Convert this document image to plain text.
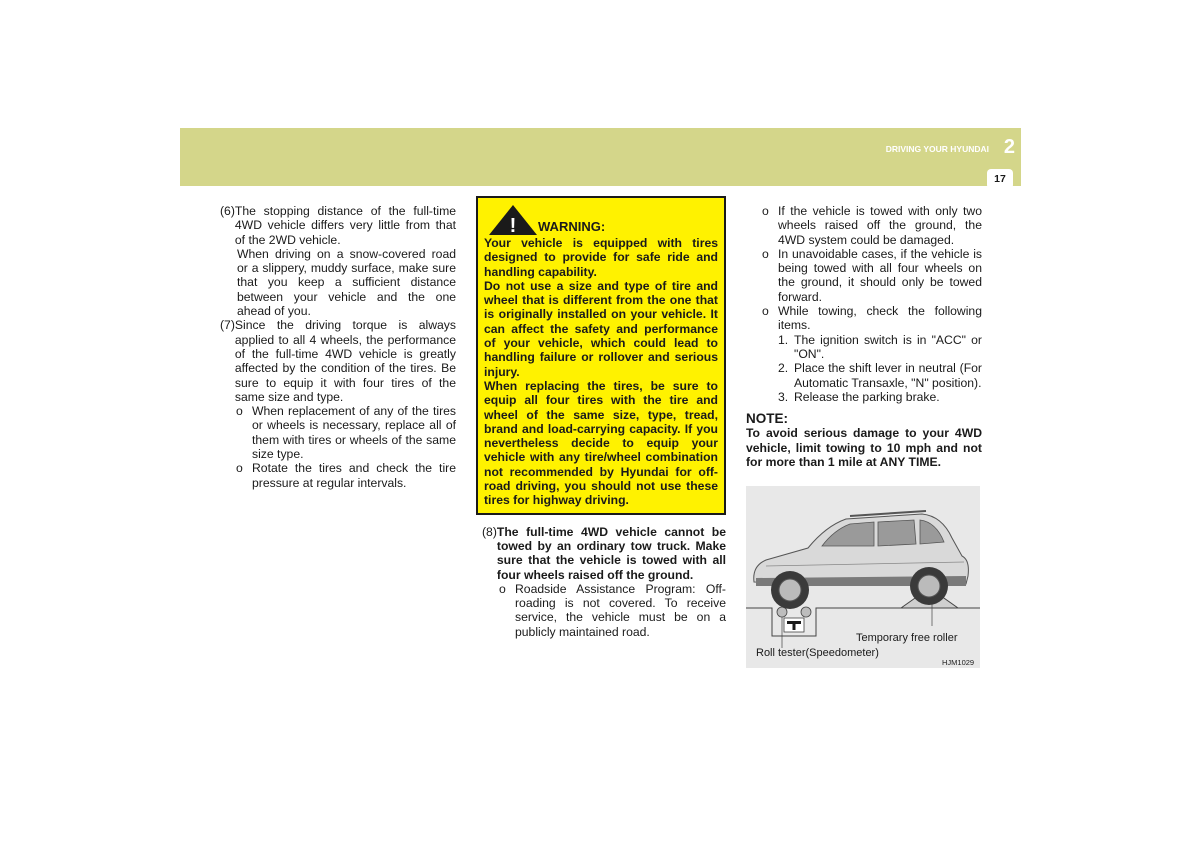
DRIVING YOUR HYUNDAI 2
17
(6) The stopping distance of the full-time 4WD vehicle differs very little from that of the 2WD vehicle.
When driving on a snow-covered road or a slippery, muddy surface, make sure that you keep a sufficient distance between your vehicle and the one ahead of you.
(7) Since the driving torque is always applied to all 4 wheels, the performance of the full-time 4WD vehicle is greatly affected by the condition of the tires. Be sure to equip it with four tires of the same size and type.
o When replacement of any of the tires or wheels is necessary, replace all of them with tires or wheels of the same size type.
o Rotate the tires and check the tire pressure at regular intervals.
! WARNING:
Your vehicle is equipped with tires designed to provide for safe ride and handling capability.
Do not use a size and type of tire and wheel that is different from the one that is originally installed on your vehicle. It can affect the safety and performance of your vehicle, which could lead to handling failure or rollover and serious injury.
When replacing the tires, be sure to equip all four tires with the tire and wheel of the same size, type, tread, brand and load-carrying capacity. If you nevertheless decide to equip your vehicle with any tire/wheel combination not recommended by Hyundai for off-road driving, you should not use these tires for highway driving.
(8) The full-time 4WD vehicle cannot be towed by an ordinary tow truck. Make sure that the vehicle is towed with all four wheels raised off the ground.
o Roadside Assistance Program: Off-roading is not covered. To receive service, the vehicle must be on a publicly maintained road.
o If the vehicle is towed with only two wheels raised off the ground, the 4WD system could be damaged.
o In unavoidable cases, if the vehicle is being towed with all four wheels on the ground, it should only be towed forward.
o While towing, check the following items.
1. The ignition switch is in "ACC" or "ON".
2. Place the shift lever in neutral (For Automatic Transaxle, "N" position).
3. Release the parking brake.
NOTE:
To avoid serious damage to your 4WD vehicle, limit towing to 10 mph and not for more than 1 mile at ANY TIME.
Temporary free roller
Roll tester(Speedometer)
HJM1029
